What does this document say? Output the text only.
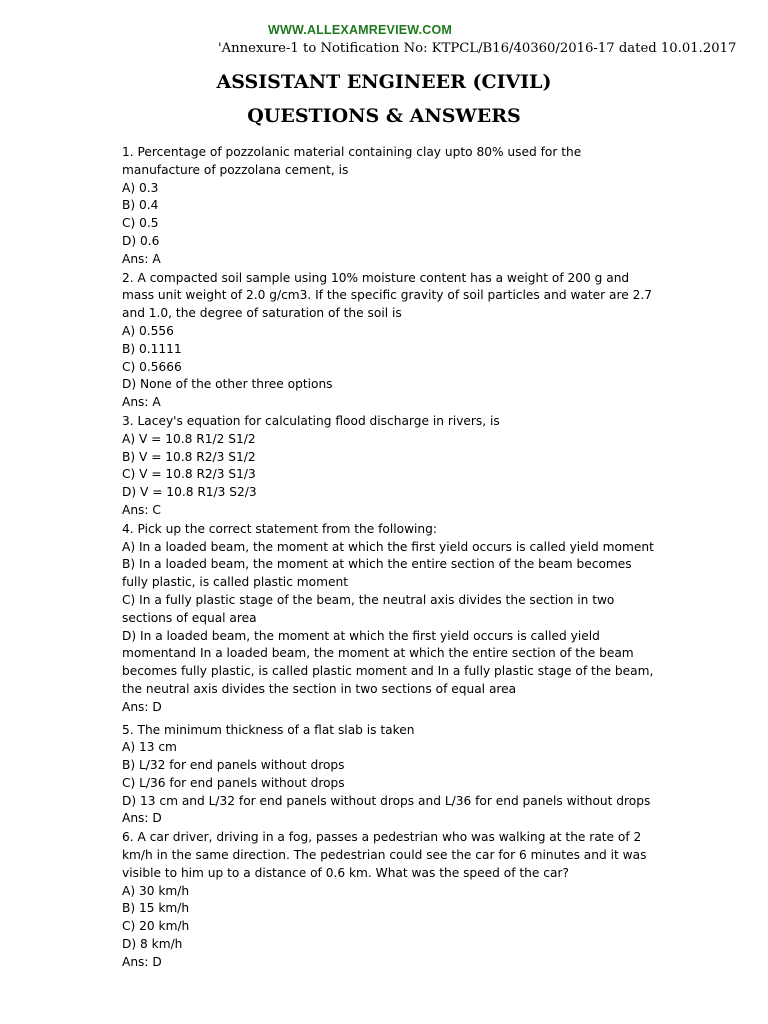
WWW.ALLEXAMREVIEW.COM
'Annexure-1 to Notification No: KTPCL/B16/40360/2016-17 dated 10.01.2017
ASSISTANT ENGINEER (CIVIL)
QUESTIONS & ANSWERS
1. Percentage of pozzolanic material containing clay upto 80% used for the
manufacture of pozzolana cement, is
A) 0.3
B) 0.4
C) 0.5
D) 0.6
Ans: A
2. A compacted soil sample using 10% moisture content has a weight of 200 g and
mass unit weight of 2.0 g/cm3. If the specific gravity of soil particles and water are 2.7
and 1.0, the degree of saturation of the soil is
A) 0.556
B) 0.1111
C) 0.5666
D) None of the other three options
Ans: A
3. Lacey's equation for calculating flood discharge in rivers, is
A) V = 10.8 R1/2 S1/2
B) V = 10.8 R2/3 S1/2
C) V = 10.8 R2/3 S1/3
D) V = 10.8 R1/3 S2/3
Ans: C
4. Pick up the correct statement from the following:
A) In a loaded beam, the moment at which the first yield occurs is called yield moment
B) In a loaded beam, the moment at which the entire section of the beam becomes
fully plastic, is called plastic moment
C) In a fully plastic stage of the beam, the neutral axis divides the section in two
sections of equal area
D) In a loaded beam, the moment at which the first yield occurs is called yield
momentand In a loaded beam, the moment at which the entire section of the beam
becomes fully plastic, is called plastic moment and In a fully plastic stage of the beam,
the neutral axis divides the section in two sections of equal area
Ans: D
5. The minimum thickness of a flat slab is taken
A) 13 cm
B) L/32 for end panels without drops
C) L/36 for end panels without drops
D) 13 cm and L/32 for end panels without drops and L/36 for end panels without drops
Ans: D
6. A car driver, driving in a fog, passes a pedestrian who was walking at the rate of 2
km/h in the same direction. The pedestrian could see the car for 6 minutes and it was
visible to him up to a distance of 0.6 km. What was the speed of the car?
A) 30 km/h
B) 15 km/h
C) 20 km/h
D) 8 km/h
Ans: D
